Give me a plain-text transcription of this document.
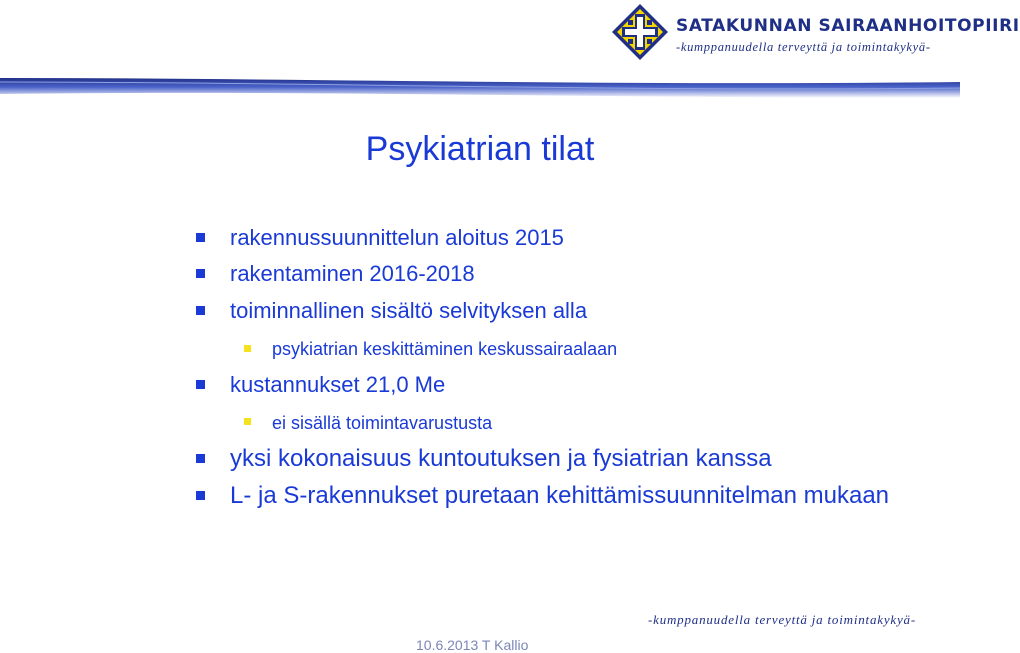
SATAKUNNAN SAIRAANHOITOPIIRI
-kumppanuudella terveyttä ja toimintakykyä-
Psykiatrian tilat
rakennussuunnittelun aloitus 2015
rakentaminen 2016-2018
toiminnallinen sisältö selvityksen alla
psykiatrian keskittäminen keskussairaalaan
kustannukset 21,0 Me
ei sisällä toimintavarustusta
yksi kokonaisuus kuntoutuksen ja fysiatrian kanssa
L- ja S-rakennukset puretaan kehittämissuunnitelman mukaan
-kumppanuudella terveyttä ja toimintakykyä-
10.6.2013 T Kallio
